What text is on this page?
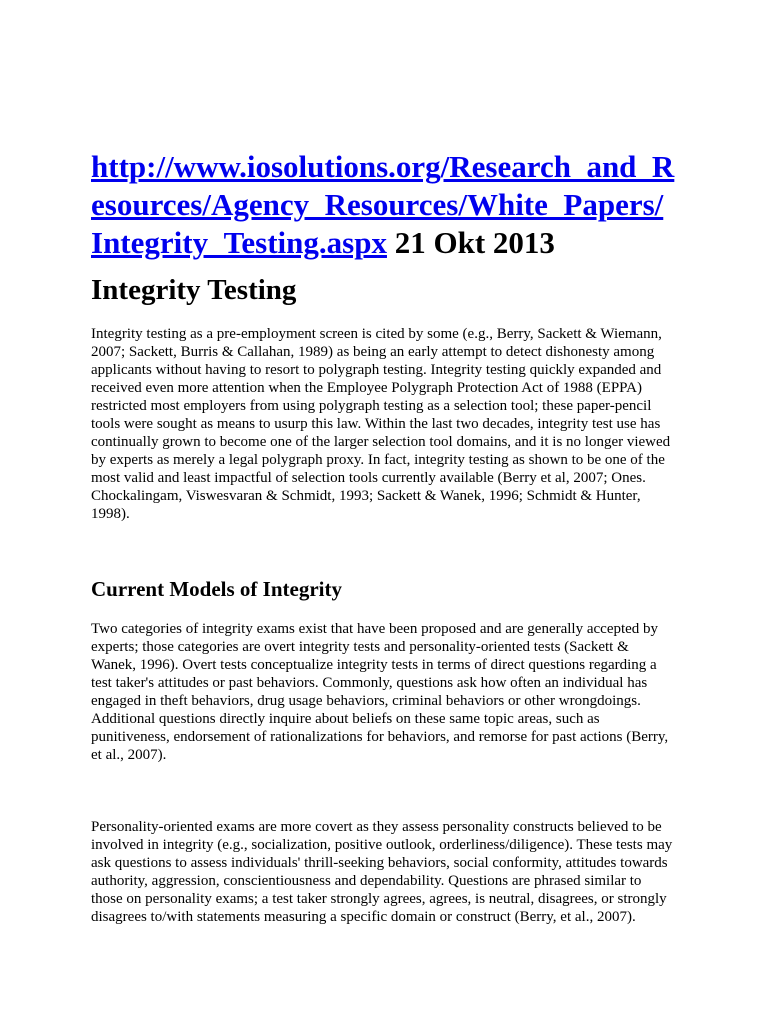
http://www.iosolutions.org/Research_and_Resources/Agency_Resources/White_Papers/Integrity_Testing.aspx 21 Okt 2013

Integrity Testing

Integrity testing as a pre-employment screen is cited by some (e.g., Berry, Sackett & Wiemann, 2007; Sackett, Burris & Callahan, 1989) as being an early attempt to detect dishonesty among applicants without having to resort to polygraph testing. Integrity testing quickly expanded and received even more attention when the Employee Polygraph Protection Act of 1988 (EPPA) restricted most employers from using polygraph testing as a selection tool; these paper-pencil tools were sought as means to usurp this law. Within the last two decades, integrity test use has continually grown to become one of the larger selection tool domains, and it is no longer viewed by experts as merely a legal polygraph proxy. In fact, integrity testing as shown to be one of the most valid and least impactful of selection tools currently available (Berry et al, 2007; Ones. Chockalingam, Viswesvaran & Schmidt, 1993; Sackett & Wanek, 1996; Schmidt & Hunter, 1998).

Current Models of Integrity

Two categories of integrity exams exist that have been proposed and are generally accepted by experts; those categories are overt integrity tests and personality-oriented tests (Sackett & Wanek, 1996). Overt tests conceptualize integrity tests in terms of direct questions regarding a test taker's attitudes or past behaviors. Commonly, questions ask how often an individual has engaged in theft behaviors, drug usage behaviors, criminal behaviors or other wrongdoings. Additional questions directly inquire about beliefs on these same topic areas, such as punitiveness, endorsement of rationalizations for behaviors, and remorse for past actions (Berry, et al., 2007).

Personality-oriented exams are more covert as they assess personality constructs believed to be involved in integrity (e.g., socialization, positive outlook, orderliness/diligence). These tests may ask questions to assess individuals' thrill-seeking behaviors, social conformity, attitudes towards authority, aggression, conscientiousness and dependability. Questions are phrased similar to those on personality exams; a test taker strongly agrees, agrees, is neutral, disagrees, or strongly disagrees to/with statements measuring a specific domain or construct (Berry, et al., 2007).
